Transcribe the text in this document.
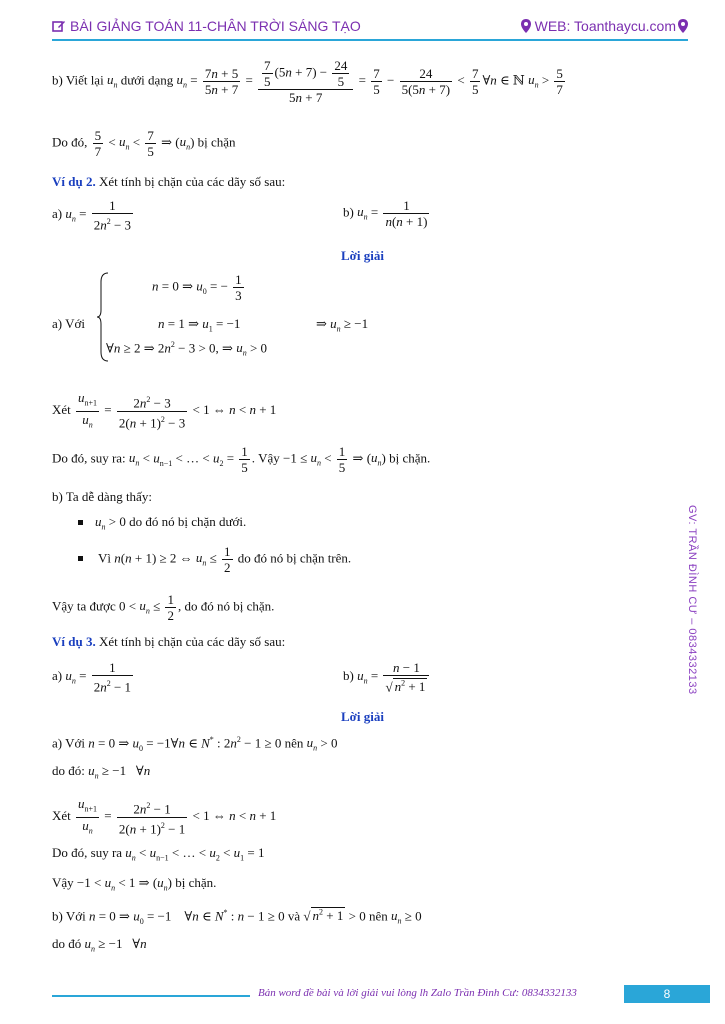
BÀI GIẢNG TOÁN 11-CHÂN TRỜI SÁNG TẠO	WEB: Toanthaycu.com
GV: TRẦN ĐÌNH CƯ – 0834332133
b) Viết lại $u_n$ dưới dạng $u_n = \frac{7n + 5}{5n + 7} = \frac{\frac{7}{5} (5n + 7) - \frac{24}{5}}{5n + 7} = \frac{7}{5} - \frac{24}{5(5n + 7)} < \frac{7}{5}$ ∀n ∈ ℕ $u_n > \frac{5}{7}$
Do đó, $\frac{5}{7} < u_n < \frac{7}{5}$ ⇒ $(u_n)$ bị chặn
Ví dụ 2. Xét tính bị chặn của các dãy số sau:
a) $u_n = \frac{1}{2n^2 - 3}$	b) $u_n = \frac{1}{n(n + 1)}$
Lời giải
a) Với
n = 0 ⇒ $u_0$ = − $\frac{1}{3}$
n = 1 ⇒ $u_1 = -1$	⇒ $u_n \ge -1$
∀n ≥ 2 ⇒ $2n^2 - 3 > 0$, ⇒ $u_n > 0$
Xét $\frac{u_{n+1}}{u_n} = \frac{2n^2 - 3}{2(n + 1)^2 - 3} < 1$ ⇔ n < n + 1
Do đó, suy ra: $u_n < u_{n-1}$ < … < $u_2 = \frac{1}{5}$ . Vậy $-1 \le u_n < \frac{1}{5}$ ⇒ $(u_n)$ bị chặn.
b) Ta dễ dàng thấy:
$u_n > 0$ do đó nó bị chặn dưới.
Vì n(n + 1) ≥ 2 ⇔ $u_n \le \frac{1}{2}$ do đó nó bị chặn trên.
Vậy ta được $0 < u_n \le \frac{1}{2}$ , do đó nó bị chặn.
Ví dụ 3. Xét tính bị chặn của các dãy số sau:
a) $u_n = \frac{1}{2n^2 - 1}$	b) $u_n = \frac{n - 1}{√ n^2 + 1}$
Lời giải
a) Với n = 0 ⇒ $u_0$ = −1∀n ∈ N* : $2n^2 - 1 \ge 0$ nên $u_n > 0$
do đó: $u_n \ge -1$   ∀n
Xét $\frac{u_{n+1}}{u_n} = \frac{2n^2 - 1}{2(n + 1)^2 - 1} < 1$ ⇔ n < n + 1
Do đó, suy ra $u_n < u_{n-1}$ < … < $u_2 < u_1 = 1$
Vậy $-1 < u_n < 1$ ⇒ $(u_n)$ bị chặn.
b) Với n = 0 ⇒ $u_0 = -1$    ∀n ∈ N* : n − 1 ≥ 0 và √ $n^2 + 1 > 0$ nên $u_n \ge 0$
do đó $u_n \ge -1$   ∀n
Bản word đề bài và lời giải vui lòng lh Zalo Trần Đình Cư: 0834332133	8
